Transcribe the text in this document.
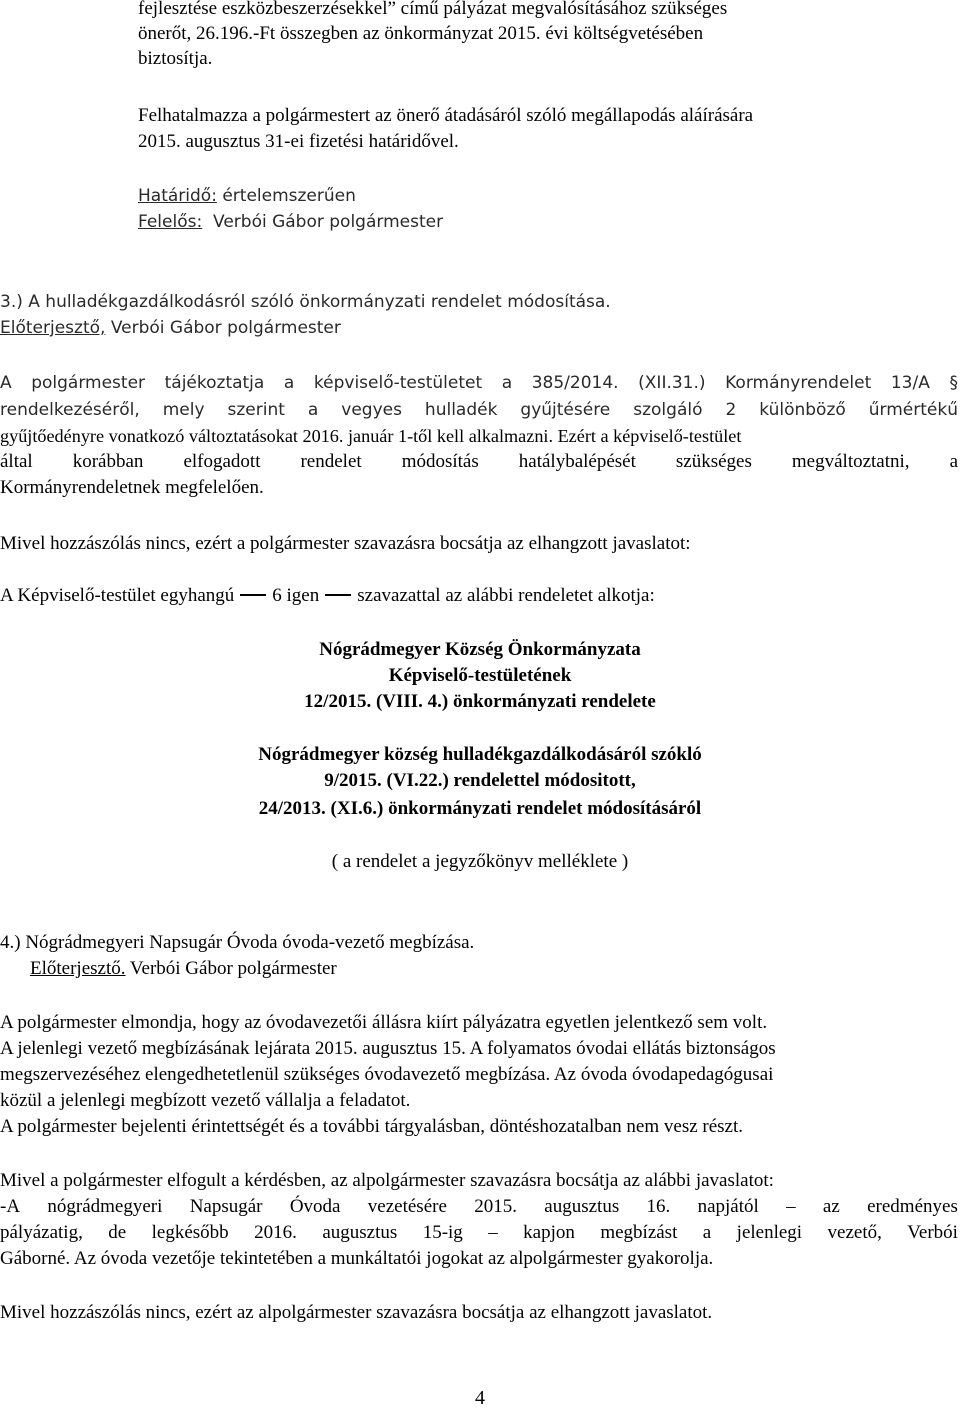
fejlesztése eszközbeszerzésekkel” című pályázat megvalósításához szükséges
önerőt, 26.196.-Ft összegben az önkormányzat 2015. évi költségvetésében
biztosítja.
Felhatalmazza a polgármestert az önerő átadásáról szóló megállapodás aláírására
2015. augusztus 31-ei fizetési határidővel.
Határidő: értelemszerűen
Felelős: Verbói Gábor polgármester
3.) A hulladékgazdálkodásról szóló önkormányzati rendelet módosítása.
Előterjesztő, Verbói Gábor polgármester
A polgármester tájékoztatja a képviselő-testületet a 385/2014. (XII.31.) Kormányrendelet 13/A §
rendelkezéséről, mely szerint a vegyes hulladék gyűjtésére szolgáló 2 különböző űrmértékű
gyűjtőedényre vonatkozó változtatásokat 2016. január 1-től kell alkalmazni. Ezért a képviselő-testület
által korábban elfogadott rendelet módosítás hatálybalépését szükséges megváltoztatni, a
Kormányrendeletnek megfelelően.
Mivel hozzászólás nincs, ezért a polgármester szavazásra bocsátja az elhangzott javaslatot:
A Képviselő-testület egyhangú 6 igen szavazattal az alábbi rendeletet alkotja:
Nógrádmegyer Község Önkormányzata
Képviselő-testületének
12/2015. (VIII. 4.) önkormányzati rendelete
Nógrádmegyer község hulladékgazdálkodásáról szókló
9/2015. (VI.22.) rendelettel módositott,
24/2013. (XI.6.) önkormányzati rendelet módosításáról
( a rendelet a jegyzőkönyv melléklete )
4.) Nógrádmegyeri Napsugár Óvoda óvoda-vezető megbízása.
Előterjesztő. Verbói Gábor polgármester
A polgármester elmondja, hogy az óvodavezetői állásra kiírt pályázatra egyetlen jelentkező sem volt.
A jelenlegi vezető megbízásának lejárata 2015. augusztus 15. A folyamatos óvodai ellátás biztonságos
megszervezéséhez elengedhetetlenül szükséges óvodavezető megbízása. Az óvoda óvodapedagógusai
közül a jelenlegi megbízott vezető vállalja a feladatot.
A polgármester bejelenti érintettségét és a további tárgyalásban, döntéshozatalban nem vesz részt.
Mivel a polgármester elfogult a kérdésben, az alpolgármester szavazásra bocsátja az alábbi javaslatot:
-A nógrádmegyeri Napsugár Óvoda vezetésére 2015. augusztus 16. napjától – az eredményes
pályázatig, de legkésőbb 2016. augusztus 15-ig – kapjon megbízást a jelenlegi vezető, Verbói
Gáborné. Az óvoda vezetője tekintetében a munkáltatói jogokat az alpolgármester gyakorolja.
Mivel hozzászólás nincs, ezért az alpolgármester szavazásra bocsátja az elhangzott javaslatot.
4
